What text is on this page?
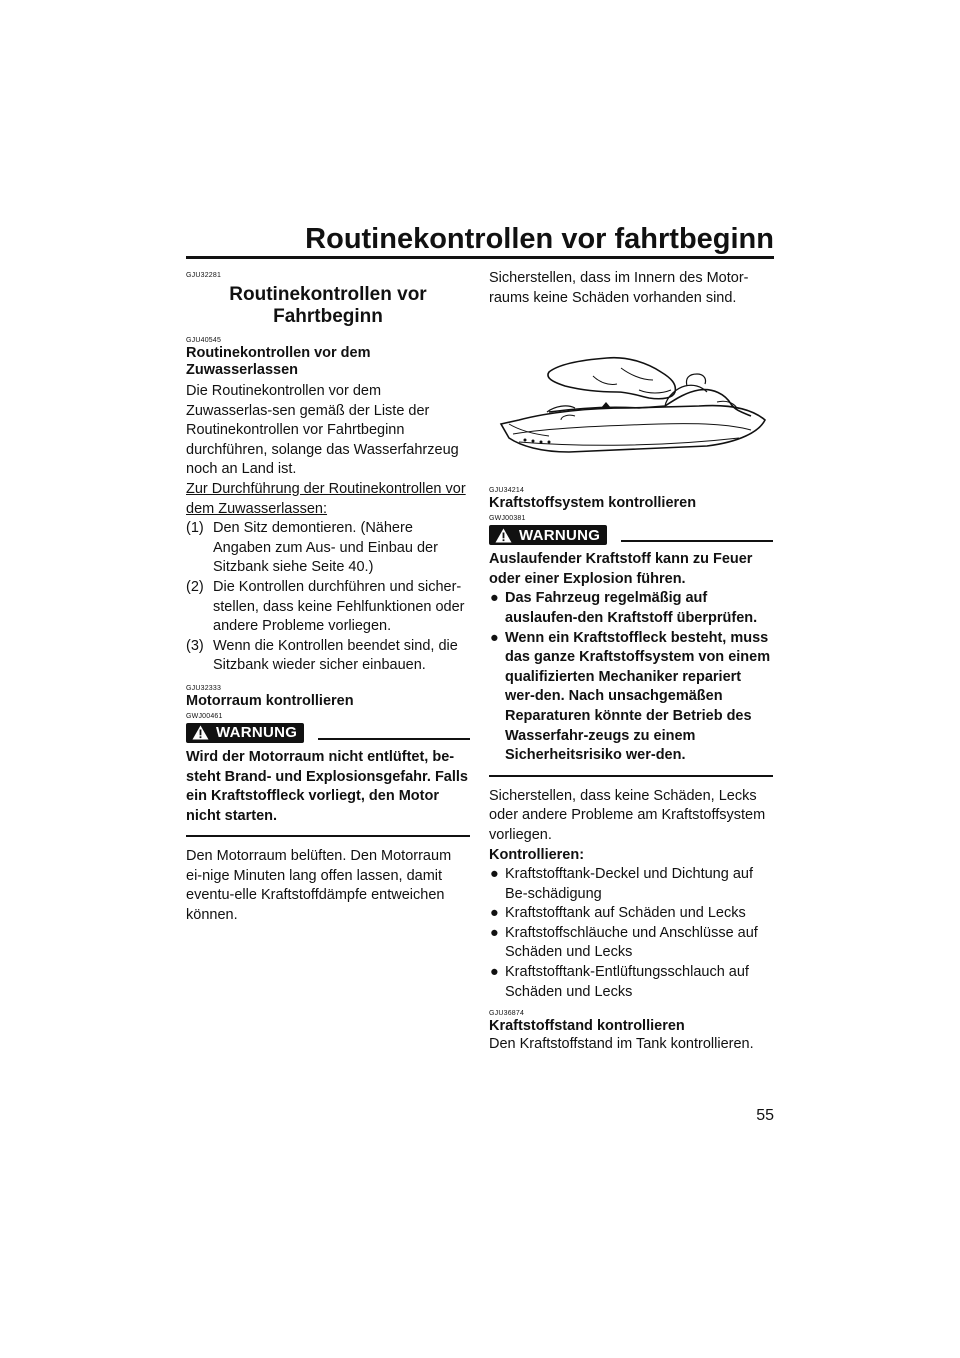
Routinekontrollen vor fahrtbeginn
GJU32281
Routinekontrollen vor Fahrtbeginn
GJU40545
Routinekontrollen vor dem Zuwasserlassen

Die Routinekontrollen vor dem Zuwasserlas-sen gemäß der Liste der Routinekontrollen vor Fahrtbeginn durchführen, solange das Wasserfahrzeug noch an Land ist.

Zur Durchführung der Routinekontrollen vor dem Zuwasserlassen:

(1) Den Sitz demontieren. (Nähere Angaben zum Aus- und Einbau der Sitzbank siehe Seite 40.)
(2) Die Kontrollen durchführen und sicher-stellen, dass keine Fehlfunktionen oder andere Probleme vorliegen.
(3) Wenn die Kontrollen beendet sind, die Sitzbank wieder sicher einbauen.
GJU32333
Motorraum kontrollieren
GWJ00461
WARNUNG
Wird der Motorraum nicht entlüftet, be-steht Brand- und Explosionsgefahr. Falls ein Kraftstoffleck vorliegt, den Motor nicht starten.

Den Motorraum belüften. Den Motorraum ei-nige Minuten lang offen lassen, damit eventu-elle Kraftstoffdämpfe entweichen können.

Sicherstellen, dass im Innern des Motor-raums keine Schäden vorhanden sind.

GJU34214
Kraftstoffsystem kontrollieren
GWJ00381
WARNUNG
Auslaufender Kraftstoff kann zu Feuer oder einer Explosion führen.
● Das Fahrzeug regelmäßig auf auslaufen-den Kraftstoff überprüfen.
● Wenn ein Kraftstoffleck besteht, muss das ganze Kraftstoffsystem von einem qualifizierten Mechaniker repariert wer-den. Nach unsachgemäßen Reparaturen könnte der Betrieb des Wasserfahr-zeugs zu einem Sicherheitsrisiko wer-den.

Sicherstellen, dass keine Schäden, Lecks oder andere Probleme am Kraftstoffsystem vorliegen.

Kontrollieren:

● Kraftstofftank-Deckel und Dichtung auf Be-schädigung
● Kraftstofftank auf Schäden und Lecks
● Kraftstoffschläuche und Anschlüsse auf Schäden und Lecks
● Kraftstofftank-Entlüftungsschlauch auf Schäden und Lecks
GJU36874
Kraftstoffstand kontrollieren

Den Kraftstoffstand im Tank kontrollieren.

55
